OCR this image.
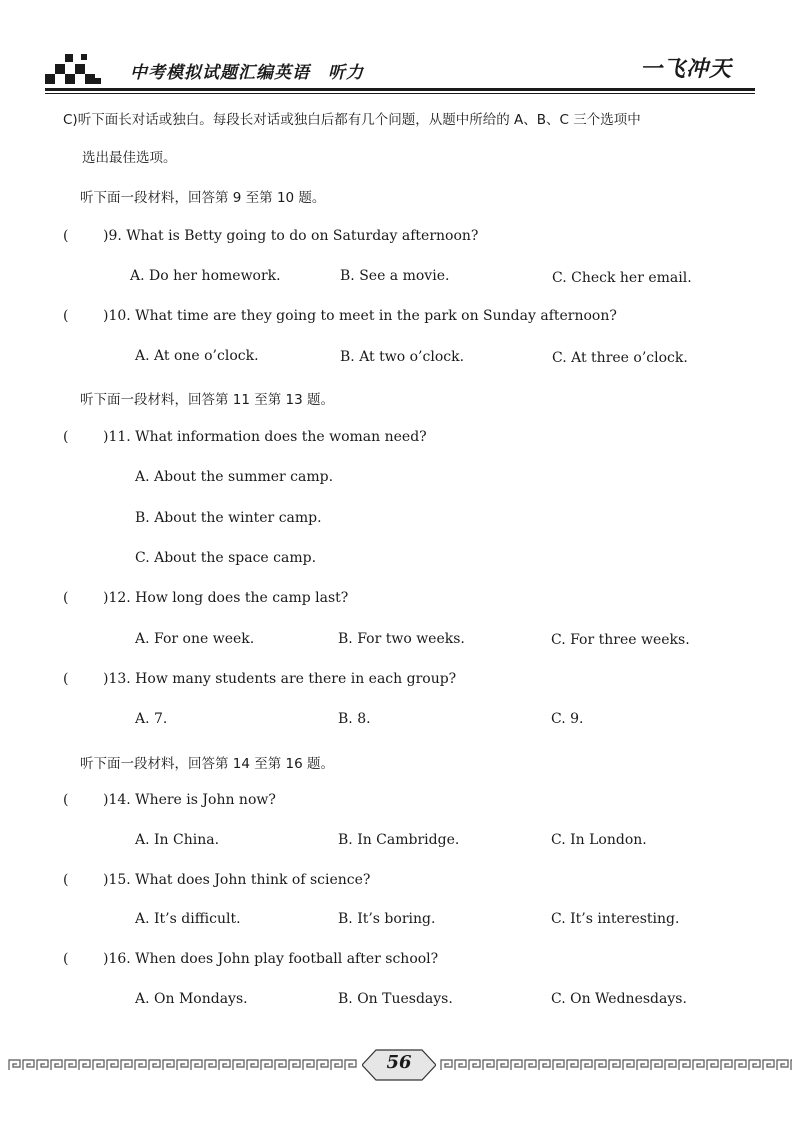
中考模拟试题汇编英语　听力	一飞冲天
C)听下面长对话或独白。每段长对话或独白后都有几个问题，从题中所给的 A、B、C 三个选项中
选出最佳选项。
听下面一段材料，回答第 9 至第 10 题。
( )9. What is Betty going to do on Saturday afternoon?
A. Do her homework.	B. See a movie.	C. Check her email.
( )10. What time are they going to meet in the park on Sunday afternoon?
A. At one o’clock.	B. At two o’clock.	C. At three o’clock.
听下面一段材料，回答第 11 至第 13 题。
( )11. What information does the woman need?
A. About the summer camp.
B. About the winter camp.
C. About the space camp.
( )12. How long does the camp last?
A. For one week.	B. For two weeks.	C. For three weeks.
( )13. How many students are there in each group?
A. 7.	B. 8.	C. 9.
听下面一段材料，回答第 14 至第 16 题。
( )14. Where is John now?
A. In China.	B. In Cambridge.	C. In London.
( )15. What does John think of science?
A. It’s difficult.	B. It’s boring.	C. It’s interesting.
( )16. When does John play football after school?
A. On Mondays.	B. On Tuesdays.	C. On Wednesdays.
56
